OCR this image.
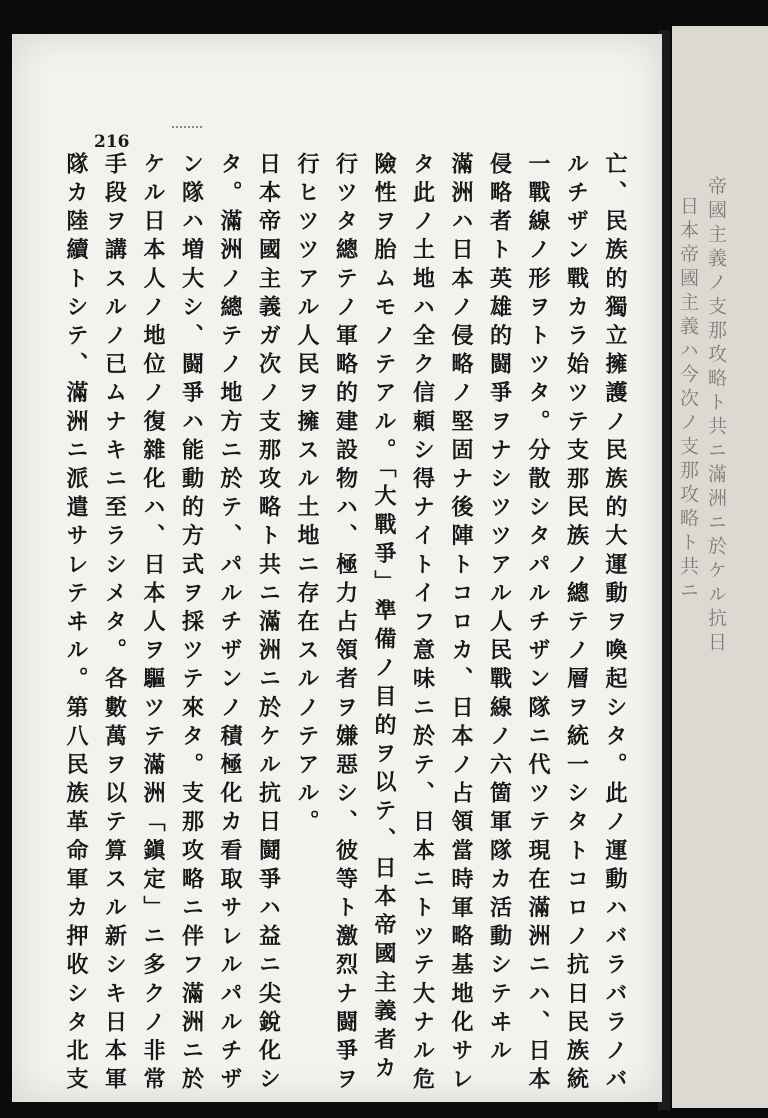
帝國主義ノ支那攻略ト共ニ滿洲ニ於ケル抗日
日本帝國主義ハ今次ノ支那攻略ト共ニ
216
亡、民族的獨立擁護ノ民族的大運動ヲ喚起シタ。此ノ運動ハバラバラノバ
ルチザン戰カラ始ツテ支那民族ノ總テノ層ヲ統一シタトコロノ抗日民族統
一戰線ノ形ヲトツタ。分散シタパルチザン隊ニ代ツテ現在滿洲ニハ、日本
侵略者ト英雄的闘爭ヲナシツツアル人民戰線ノ六箇軍隊カ活動シテヰル
滿洲ハ日本ノ侵略ノ堅固ナ後陣トコロカ、日本ノ占領當時軍略基地化サレ
タ此ノ土地ハ全ク信頼シ得ナイトイフ意味ニ於テ、日本ニトツテ大ナル危
險性ヲ胎ムモノテアル。「大戰爭」準備ノ目的ヲ以テ、日本帝國主義者カ
行ツタ總テノ軍略的建設物ハ、極力占領者ヲ嫌惡シ、彼等ト激烈ナ闘爭ヲ
行ヒツツアル人民ヲ擁スル土地ニ存在スルノテアル。
日本帝國主義ガ次ノ支那攻略ト共ニ滿洲ニ於ケル抗日鬪爭ハ益ニ尖銳化シ
タ。滿洲ノ總テノ地方ニ於テ、パルチザンノ積極化カ看取サレルパルチザ
ン隊ハ増大シ、闘爭ハ能動的方式ヲ採ツテ來タ。支那攻略ニ伴フ滿洲ニ於
ケル日本人ノ地位ノ復雜化ハ、日本人ヲ驅ツテ滿洲「鎭定」ニ多クノ非常
手段ヲ講スルノ已ムナキニ至ラシメタ。各數萬ヲ以テ算スル新シキ日本軍
隊カ陸續トシテ、滿洲ニ派遣サレテヰル。第八民族革命軍カ押收シタ北支
